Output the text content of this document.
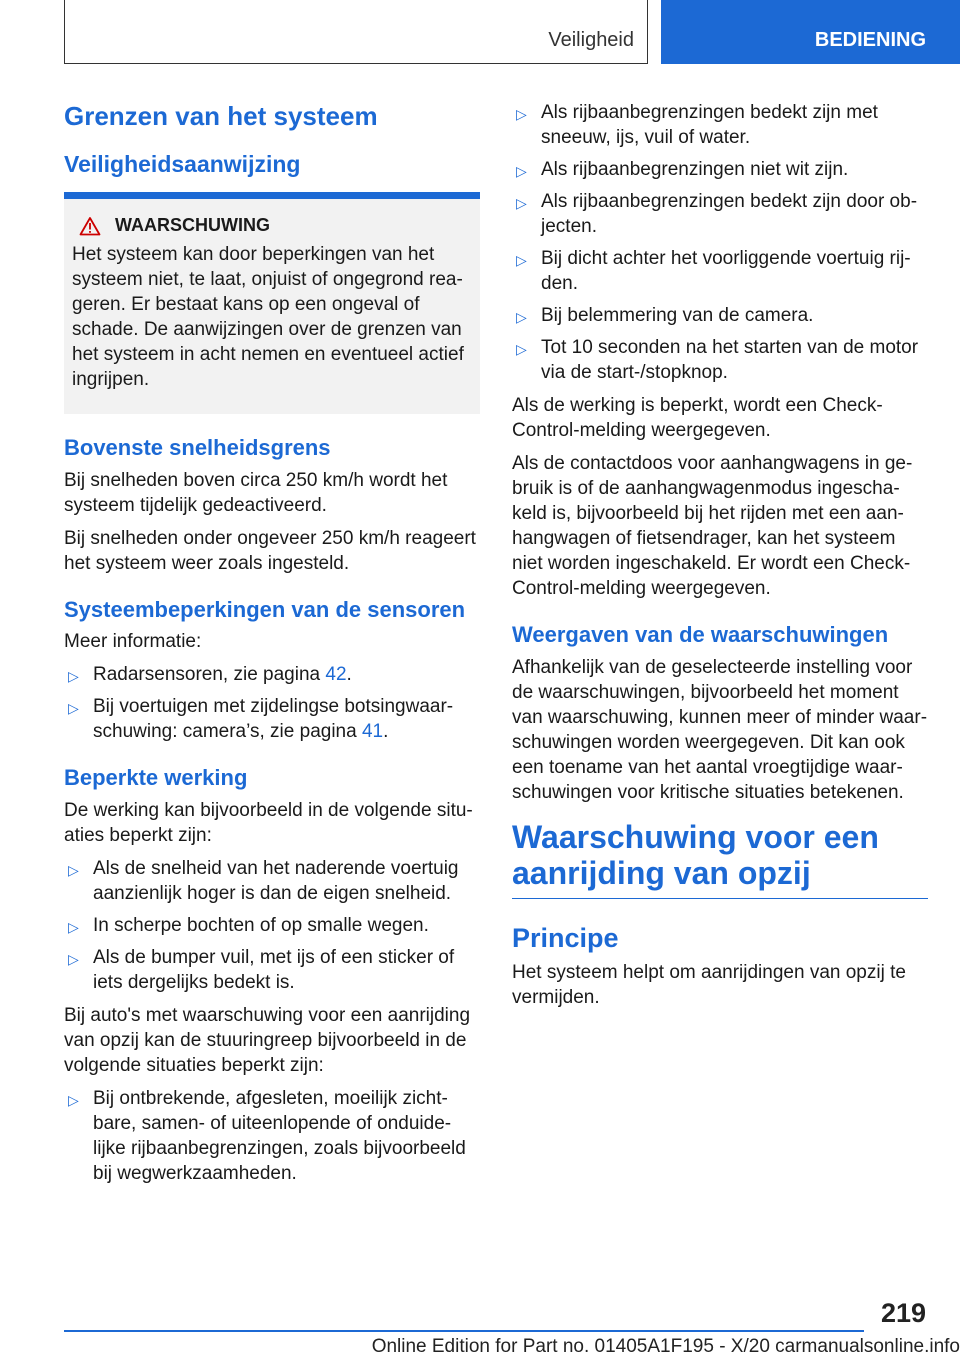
Veiligheid	BEDIENING
Grenzen van het systeem
Veiligheidsaanwijzing
WAARSCHUWING

Het systeem kan door beperkingen van het systeem niet, te laat, onjuist of ongegrond rea- geren. Er bestaat kans op een ongeval of schade. De aanwijzingen over de grenzen van het systeem in acht nemen en eventueel actief ingrijpen.

Bovenste snelheidsgrens

Bij snelheden boven circa 250 km/h wordt het systeem tijdelijk gedeactiveerd.

Bij snelheden onder ongeveer 250 km/h reageert het systeem weer zoals ingesteld.

Systeembeperkingen van de sensoren

Meer informatie:

▷ Radarsensoren, zie pagina 42.
▷ Bij voertuigen met zijdelingse botsingwaar- schuwing: camera’s, zie pagina 41.
Beperkte werking

De werking kan bijvoorbeeld in de volgende situ- aties beperkt zijn:

▷ Als de snelheid van het naderende voertuig aanzienlijk hoger is dan de eigen snelheid.
▷ In scherpe bochten of op smalle wegen.
▷ Als de bumper vuil, met ijs of een sticker of iets dergelijks bedekt is.

Bij auto's met waarschuwing voor een aanrijding van opzij kan de stuuringreep bijvoorbeeld in de volgende situaties beperkt zijn:

▷ Bij ontbrekende, afgesleten, moeilijk zicht- bare, samen- of uiteenlopende of onduide- lijke rijbaanbegrenzingen, zoals bijvoorbeeld bij wegwerkzaamheden.
▷ Als rijbaanbegrenzingen bedekt zijn met sneeuw, ijs, vuil of water.
▷ Als rijbaanbegrenzingen niet wit zijn.
▷ Als rijbaanbegrenzingen bedekt zijn door ob- jecten.
▷ Bij dicht achter het voorliggende voertuig rij- den.
▷ Bij belemmering van de camera.
▷ Tot 10 seconden na het starten van de motor via de start-/stopknop.

Als de werking is beperkt, wordt een Check- Control-melding weergegeven.

Als de contactdoos voor aanhangwagens in ge- bruik is of de aanhangwagenmodus ingescha- keld is, bijvoorbeeld bij het rijden met een aan- hangwagen of fietsendrager, kan het systeem niet worden ingeschakeld. Er wordt een Check- Control-melding weergegeven.

Weergaven van de waarschuwingen

Afhankelijk van de geselecteerde instelling voor de waarschuwingen, bijvoorbeeld het moment van waarschuwing, kunnen meer of minder waar- schuwingen worden weergegeven. Dit kan ook een toename van het aantal vroegtijdige waar- schuwingen voor kritische situaties betekenen.

Waarschuwing voor een aanrijding van opzij
Principe

Het systeem helpt om aanrijdingen van opzij te vermijden.

219
Online Edition for Part no. 01405A1F195 - X/20 carmanualsonline.info
